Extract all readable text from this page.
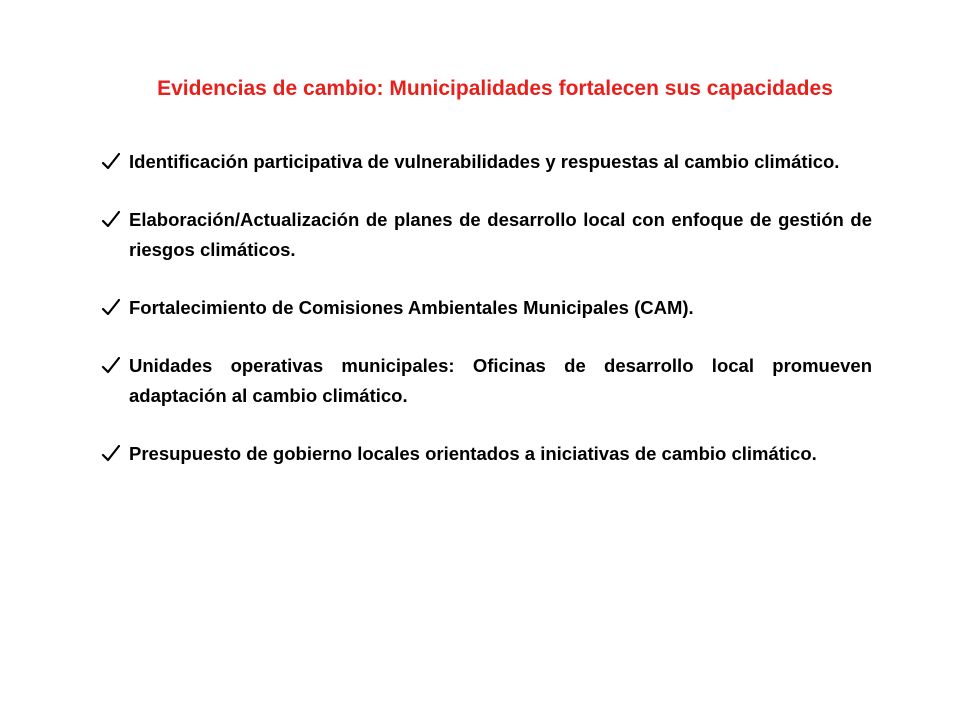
Evidencias de cambio: Municipalidades fortalecen sus capacidades
Identificación participativa de vulnerabilidades y respuestas al cambio climático.
Elaboración/Actualización de planes de desarrollo local con enfoque de gestión de riesgos climáticos.
Fortalecimiento de Comisiones Ambientales Municipales (CAM).
Unidades operativas municipales: Oficinas de desarrollo local promueven adaptación al cambio climático.
Presupuesto de gobierno locales orientados a iniciativas de cambio climático.
